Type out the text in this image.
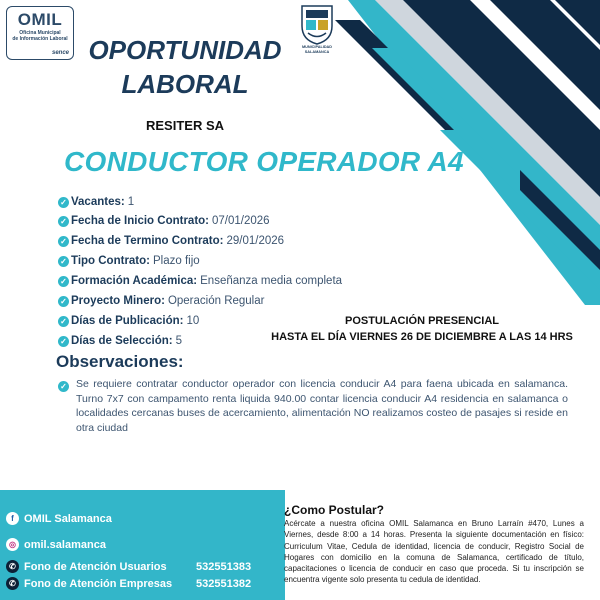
OMIL
Oficina Municipal
de Información Laboral
sence
MUNICIPALIDAD SALAMANCA
OPORTUNIDAD
LABORAL
RESITER SA
CONDUCTOR OPERADOR A4
✓ Vacantes: 1
✓ Fecha de Inicio Contrato: 07/01/2026
✓ Fecha de Termino Contrato: 29/01/2026
✓ Tipo Contrato: Plazo fijo
✓ Formación Académica: Enseñanza media completa
✓ Proyecto Minero: Operación Regular
✓ Días de Publicación: 10
✓ Días de Selección: 5
POSTULACIÓN PRESENCIAL
HASTA EL DÍA VIERNES 26 DE DICIEMBRE A LAS 14 HRS
Observaciones:
✓ Se requiere contratar conductor operador con licencia conducir A4 para faena ubicada en salamanca. Turno 7x7 con campamento renta liquida 940.00 contar licencia conducir A4 residencia en salamanca o localidades cercanas buses de acercamiento, alimentación NO realizamos costeo de pasajes si reside en otra ciudad
f OMIL Salamanca
◎ omil.salamanca
✆ Fono de Atención Usuarios	532551383
✆ Fono de Atención Empresas 532551382
¿Como Postular?
Acércate a nuestra oficina OMIL Salamanca en Bruno Larraín #470, Lunes a Viernes, desde 8:00 a 14 horas. Presenta la siguiente documentación en físico: Curriculum Vitae, Cedula de identidad, licencia de conducir, Registro Social de Hogares con domicilio en la comuna de Salamanca, certificado de título, capacitaciones o licencia de conducir en caso que proceda. Si tu inscripción se encuentra vigente solo presenta tu cedula de identidad.
